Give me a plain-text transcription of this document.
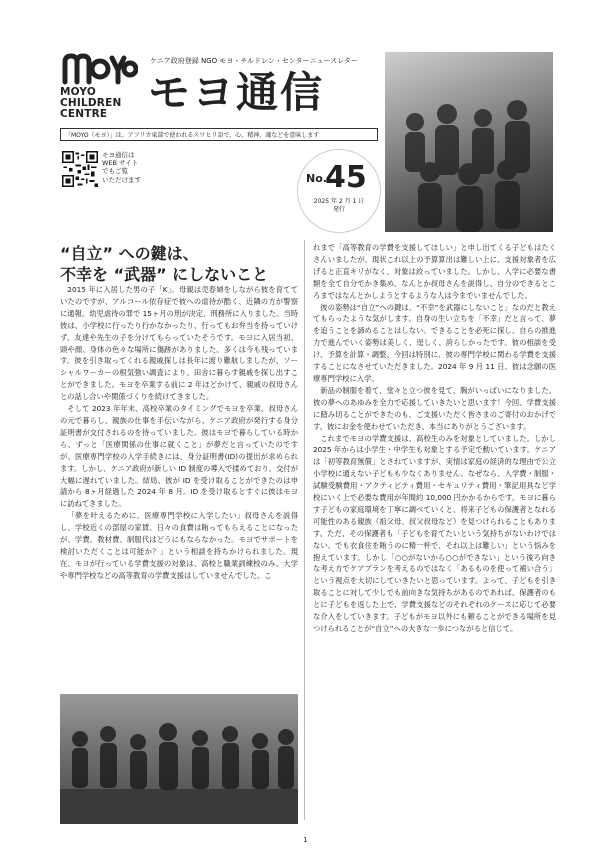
MOYO
CHILDREN
CENTRE
ケニア政府登録 NGO モヨ・チルドレン・センターニュースレター
モヨ通信
「MOYO（モヨ）」は、アフリカ東部で使われるスワヒリ語で、心、精神、魂などを意味します
モヨ通信は
WEB サイト
でもご覧
いただけます	No.
45
2025 年 2 月 1 日
発行
“自立” への鍵は、
不幸を “武器” にしないこと

2015 年に入居した男の子「K」。母親は売春婦をしながら彼を育てていたのですが、アルコール依存症で彼への虐待が酷く、近隣の方が警察に通報。幼児虐待の罪で 15ヶ月の刑が決定、刑務所に入りました。当時彼は、小学校に行ったり行かなかったり、行ってもお弁当を持っていけず、友達や先生の子を分けてもらっていたそうです。モヨに入居当初、頭や顔、身体の色々な場所に傷跡がありました。多くは今も残っています。彼を引き取ってくれる親戚探しは長年に渡り難航しましたが、ソーシャルワーカーの根気強い調査により、田舎に暮らす親戚を探し出すことができました。モヨを卒業する前に 2 年ほどかけて、親戚の叔母さんとの話し合いや関係づくりを続けてきました。

そして 2023 年年末、高校卒業のタイミングでモヨを卒業、叔母さんの元で暮らし、親族の仕事を手伝いながら、ケニア政府が発行する身分証明書が交付されるのを待っていました。彼はモヨで暮らしている時から、ずっと「医療関係の仕事に就くこと」が夢だと言っていたのですが、医療専門学校の入学手続きには、身分証明書(ID)の提出が求められます。しかし、ケニア政府が新しい ID 制度の導入で揉めており、交付が大幅に遅れていました。結局、彼が ID を受け取ることができたのは申請から 8ヶ月経過した 2024 年 8 月。ID を受け取るとすぐに彼はモヨに訪ねてきました。

「夢を叶えるために、医療専門学校に入学したい」叔母さんを説得し、学校近くの部屋の家賃、日々の食費は賄ってもらえることになったが、学費、教材費、制服代はどうにもならなかった。モヨでサポートを検討いただくことは可能か？」という相談を持ちかけられました。現在、モヨが行っている学費支援の対象は、高校と職業訓練校のみ。大学や専門学校などの高等教育の学費支援はしていませんでした。こ

れまで「高等教育の学費を支援してほしい」と申し出てくる子どもはたくさんいましたが、現状これ以上の予算算出は難しい上に、支援対象者を広げると正直キリがなく、対象は絞っていました。しかし、入学に必要な書類を全て自分でかき集め、なんとか叔母さんを説得し、自分のできるところまではなんとかしようとするような人は今までいませんでした。

彼の姿勢は“自立”への鍵は、“不幸”を武器にしないこと」なのだと教えてもらったような気がします。自身の生い立ちを「不幸」だと言って、夢を追うことを諦めることはしない。できることを必死に探し、自らの推進力で進んでいく姿勢は美しく、逞しく、誇らしかったです。彼の相談を受け、予算を計算・調整。今回は特別に、彼の専門学校に関わる学費を支援することになさせていただきました。2024 年 9 月 11 日、彼は念願の医療専門学校に入学。

新品の制服を着て、堂々と立つ彼を見て、胸がいっぱいになりました。彼の夢へのあゆみを全力で応援していきたいと思います！今回、学費支援に踏み切ることができたのも、ご支援いただく皆さまのご寄付のおかげです。彼にお金を使わせていただき、本当にありがとうございます。

これまでモヨの学費支援は、高校生のみを対象としていました。しかし 2025 年からは小学生・中学生も対象とする予定で動いています。ケニアは「初等教育無償」とされていますが、実情は家庭の経済的な理由で公立小学校に通えない子どもも少なくありません。なぜなら、入学費・制服・試験受験費用・アクティビティ費用・セキュリティ費用・筆記用具など学校にいく上で必要な費用が年間約 10,000 円かかるからです。モヨに暮らす子どもの家庭環境を丁寧に調べていくと、将来子どもの保護者となれる可能性のある親族（祖父母、叔父叔母など）を見つけられることもあります。ただ、その保護者も「子どもを育てたいという気持ちがないわけではない、でも衣食住を賄うのに精一杯で、それ以上は難しい」という悩みを抱えています。しかし「○○がないから○○ができない」という後ろ向きな考え方でケアプランを考えるのではなく「あるものを使って補い合う」という視点を大切にしていきたいと思っています。よって、子どもを引き取ることに対して少しでも前向きな気持ちがあるのであれば、保護者のもとに子どもを返した上で、学費支援などのそれぞれのケースに応じて必要な介入をしていきます。子どもがモヨ以外にも頼ることができる場所を見つけられることが“自立”への大きな一歩につながると信じて。

1
